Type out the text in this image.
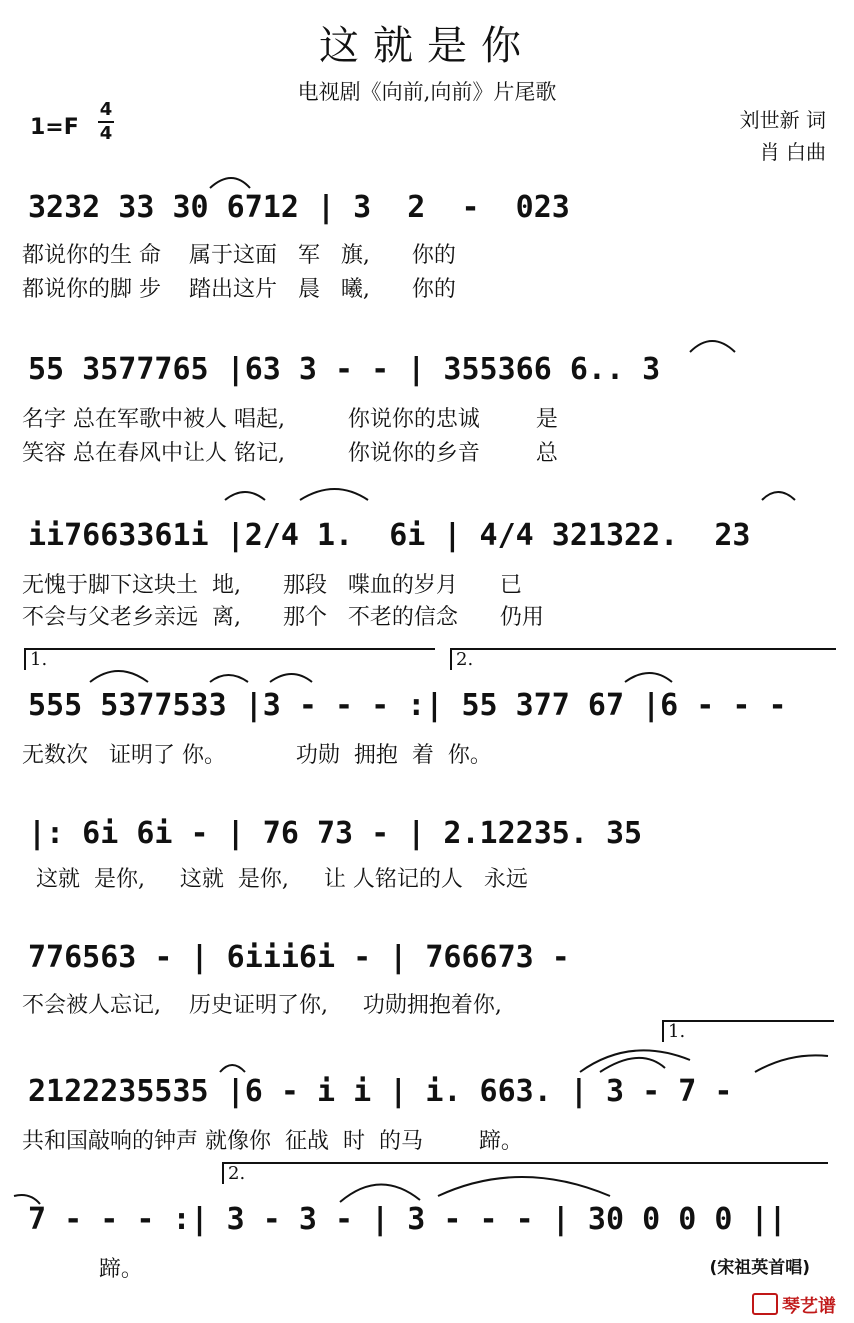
这就是你
电视剧《向前,向前》片尾歌
1=F
4
4
刘世新 词
肖 白曲
3232 33 30 6712 | 3  2  -  023
都说你的生 命    属于这面   军   旗,      你的
都说你的脚 步    踏出这片   晨   曦,      你的
55 3577765 |63 3 - - | 355366 6.. 3
名字 总在军歌中被人 唱起,         你说你的忠诚        是
笑容 总在春风中让人 铭记,         你说你的乡音        总
ii7663361i |2/4 1.  6i | 4/4 321322.  23
无愧于脚下这块土  地,      那段   喋血的岁月      已
不会与父老乡亲远  离,      那个   不老的信念      仍用
1.	2.
555 5377533 |3 - - - :| 55 377 67 |6 - - -
无数次   证明了 你。          功勋  拥抱  着  你。
|: 6i 6i - | 76 73 - | 2.12235. 35
这就  是你,     这就  是你,     让 人铭记的人   永远
776563 - | 6iii6i - | 766673 -
不会被人忘记,    历史证明了你,     功勋拥抱着你,
1.
2122235535 |6 - i i | i. 663. | 3 - 7 -
共和国敲响的钟声 就像你  征战  时  的马        蹄。
2.
7 - - - :| 3 - 3 - | 3 - - - | 30 0 0 0 ||
蹄。	(宋祖英首唱)
琴艺谱
